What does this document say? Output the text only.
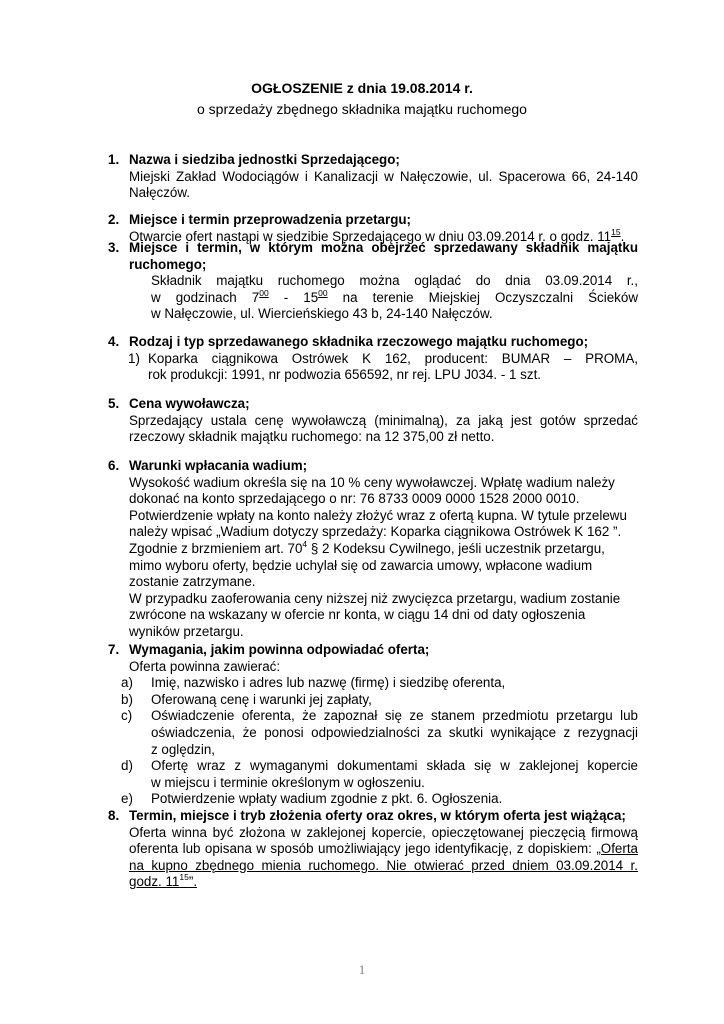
OGŁOSZENIE z dnia 19.08.2014 r.
o sprzedaży zbędnego składnika majątku ruchomego
1. Nazwa i siedziba jednostki Sprzedającego;
Miejski Zakład Wodociągów i Kanalizacji w Nałęczowie, ul. Spacerowa 66, 24-140
Nałęczów.
2. Miejsce i termin przeprowadzenia przetargu;
Otwarcie ofert nastąpi w siedzibie Sprzedającego w dniu 03.09.2014 r. o godz. $11^{15}$.
3. Miejsce i termin, w którym można obejrzeć sprzedawany składnik majątku
ruchomego;
Składnik majątku ruchomego można oglądać do dnia 03.09.2014 r.,
w godzinach $7^{00} - 15^{00}$ na terenie Miejskiej Oczyszczalni Ścieków
w Nałęczowie, ul. Wiercieńskiego 43 b, 24-140 Nałęczów.
4. Rodzaj i typ sprzedawanego składnika rzeczowego majątku ruchomego;
1) Koparka ciągnikowa Ostrówek K 162, producent: BUMAR – PROMA,
rok produkcji: 1991, nr podwozia 656592, nr rej. LPU J034. - 1 szt.
5. Cena wywoławcza;
Sprzedający ustala cenę wywoławczą (minimalną), za jaką jest gotów sprzedać
rzeczowy składnik majątku ruchomego: na 12 375,00 zł netto.
6. Warunki wpłacania wadium;
Wysokość wadium określa się na 10 % ceny wywoławczej. Wpłatę wadium należy
dokonać na konto sprzedającego o nr: 76 8733 0009 0000 1528 2000 0010.
Potwierdzenie wpłaty na konto należy złożyć wraz z ofertą kupna. W tytule przelewu
należy wpisać „Wadium dotyczy sprzedaży: Koparka ciągnikowa Ostrówek K 162 ”.
Zgodnie z brzmieniem art. $70^4$ § 2 Kodeksu Cywilnego, jeśli uczestnik przetargu,
mimo wyboru oferty, będzie uchylał się od zawarcia umowy, wpłacone wadium
zostanie zatrzymane.
W przypadku zaoferowania ceny niższej niż zwycięzca przetargu, wadium zostanie
zwrócone na wskazany w ofercie nr konta, w ciągu 14 dni od daty ogłoszenia
wyników przetargu.
7. Wymagania, jakim powinna odpowiadać oferta;
Oferta powinna zawierać:
a) Imię, nazwisko i adres lub nazwę (firmę) i siedzibę oferenta,
b) Oferowaną cenę i warunki jej zapłaty,
c) Oświadczenie oferenta, że zapoznał się ze stanem przedmiotu przetargu lub
oświadczenia, że ponosi odpowiedzialności za skutki wynikające z rezygnacji
z oględzin,
d) Ofertę wraz z wymaganymi dokumentami składa się w zaklejonej kopercie
w miejscu i terminie określonym w ogłoszeniu.
e) Potwierdzenie wpłaty wadium zgodnie z pkt. 6. Ogłoszenia.
8. Termin, miejsce i tryb złożenia oferty oraz okres, w którym oferta jest wiążąca;
Oferta winna być złożona w zaklejonej kopercie, opieczętowanej pieczęcią firmową
oferenta lub opisana w sposób umożliwiający jego identyfikację, z dopiskiem: „Oferta
na kupno zbędnego mienia ruchomego. Nie otwierać przed dniem 03.09.2014 r.
godz. $11^{15}$”.
1
